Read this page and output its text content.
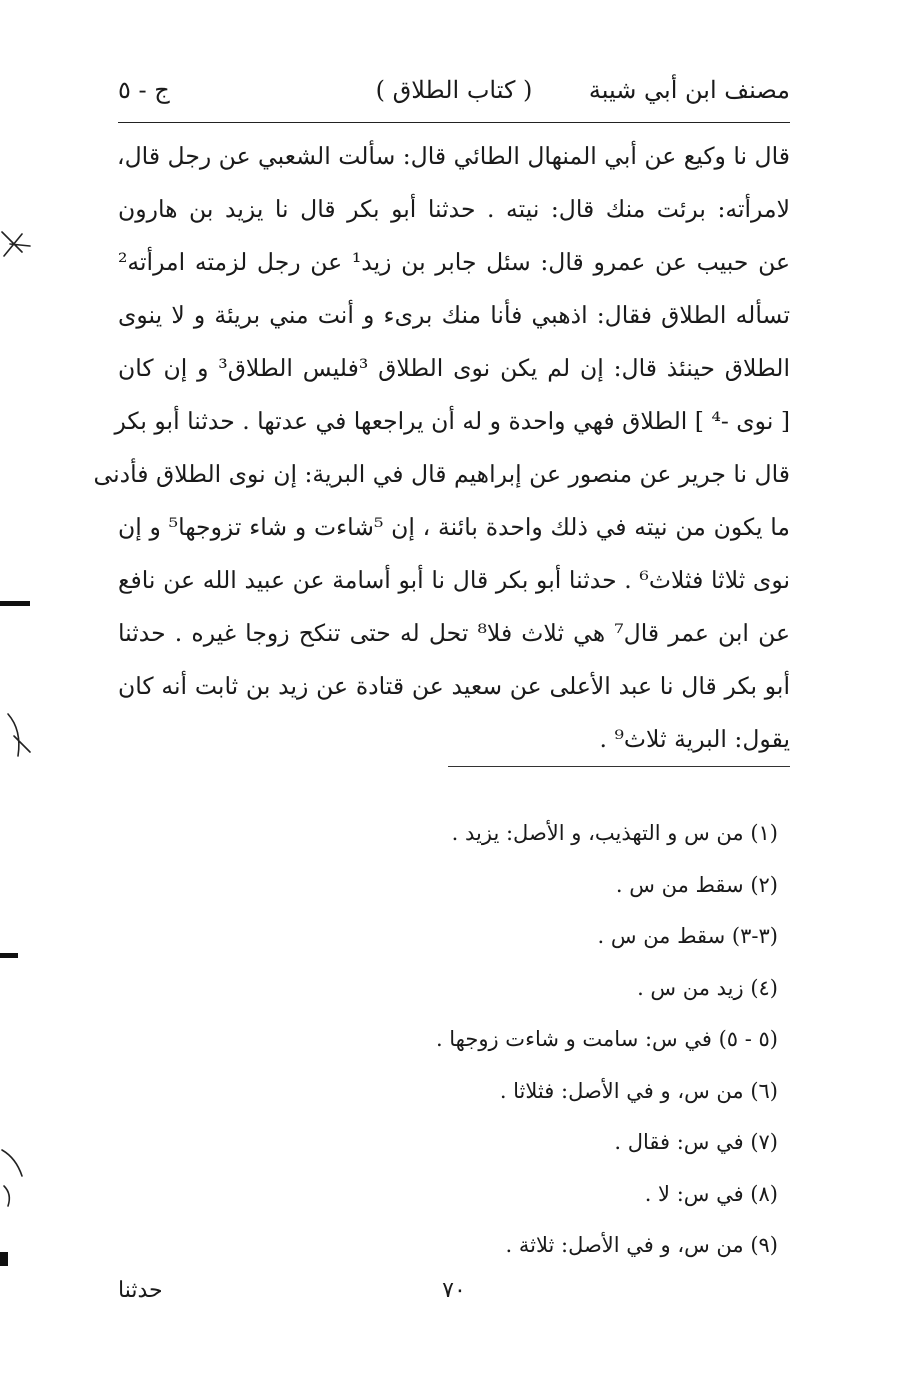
مصنف ابن أبي شيبة
( كتاب الطلاق )
ج - ٥
قال نا وكيع عن أبي المنهال الطائي قال: سألت الشعبي عن رجل قال،
لامرأته: برئت منك قال: نيته . حدثنا أبو بكر قال نا يزيد بن هارون
عن حبيب عن عمرو قال: سئل جابر بن زيد¹ عن رجل لزمته امرأته²
تسأله الطلاق فقال: اذهبي فأنا منك برىء و أنت مني بريئة و لا ينوى
الطلاق حينئذ قال: إن لم يكن نوى الطلاق ³فليس الطلاق³ و إن كان
[ نوى -⁴ ] الطلاق فهي واحدة و له أن يراجعها في عدتها . حدثنا أبو بكر
قال نا جرير عن منصور عن إبراهيم قال في البرية: إن نوى الطلاق فأدنى
ما يكون من نيته في ذلك واحدة بائنة ، إن ⁵شاءت و شاء تزوجها⁵ و إن
نوى ثلاثا فثلاث⁶ . حدثنا أبو بكر قال نا أبو أسامة عن عبيد الله عن نافع
عن ابن عمر قال⁷ هي ثلاث فلا⁸ تحل له حتى تنكح زوجا غيره . حدثنا
أبو بكر قال نا عبد الأعلى عن سعيد عن قتادة عن زيد بن ثابت أنه كان
يقول: البرية ثلاث⁹ .
(١) من س و التهذيب، و الأصل: يزيد .
(٢) سقط من س .
(٣-٣) سقط من س .
(٤) زيد من س .
(٥ - ٥) في س: سامت و شاءت زوجها .
(٦) من س، و في الأصل: فثلاثا .
(٧) في س: فقال .
(٨) في س: لا .
(٩) من س، و في الأصل: ثلاثة .
٧٠
حدثنا
